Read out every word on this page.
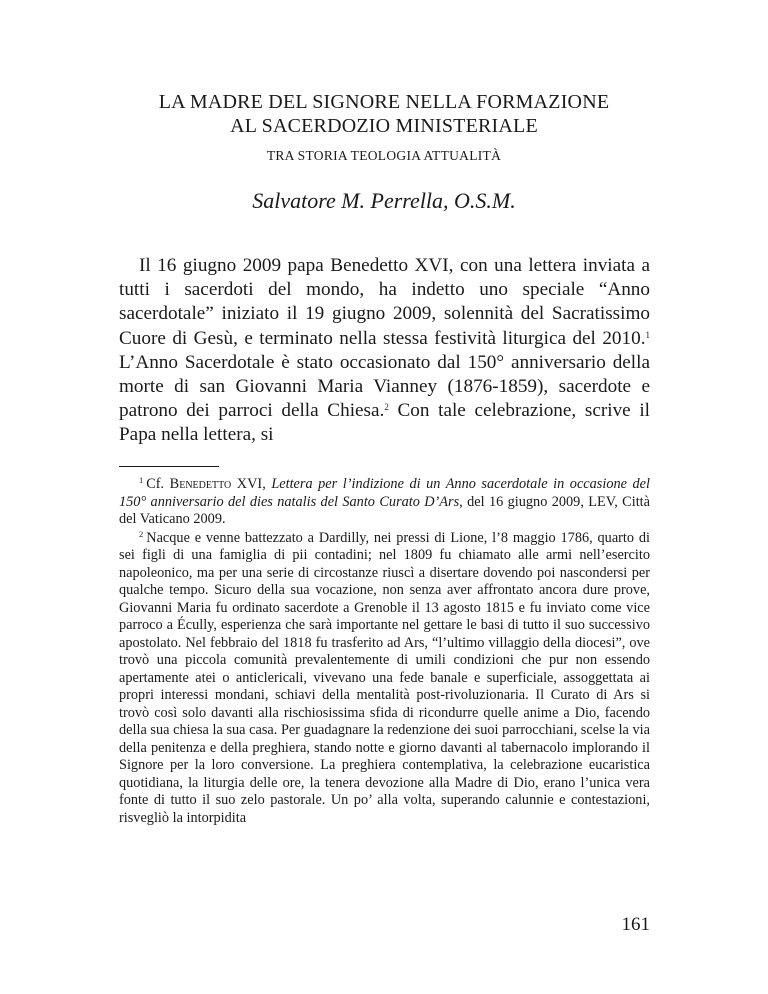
LA MADRE DEL SIGNORE NELLA FORMAZIONE
AL SACERDOZIO MINISTERIALE
TRA STORIA TEOLOGIA ATTUALITÀ
Salvatore M. Perrella, O.S.M.

Il 16 giugno 2009 papa Benedetto XVI, con una lettera inviata a tutti i sacerdoti del mondo, ha indetto uno speciale “Anno sacerdotale” iniziato il 19 giugno 2009, solennità del Sacratissimo Cuore di Gesù, e terminato nella stessa festività liturgica del 2010.$^1$ L’Anno Sacerdotale è stato occasionato dal 150° anniversario della morte di san Giovanni Maria Vianney (1876-1859), sacerdote e patrono dei parroci della Chiesa.$^2$ Con tale celebrazione, scrive il Papa nella lettera, si

$^1$ Cf. Benedetto XVI, Lettera per l’indizione di un Anno sacerdotale in occasione del 150° anniversario del dies natalis del Santo Curato D’Ars, del 16 giugno 2009, LEV, Città del Vaticano 2009.

$^2$ Nacque e venne battezzato a Dardilly, nei pressi di Lione, l’8 maggio 1786, quarto di sei figli di una famiglia di pii contadini; nel 1809 fu chiamato alle armi nell’esercito napoleonico, ma per una serie di circostanze riuscì a disertare dovendo poi nascondersi per qualche tempo. Sicuro della sua vocazione, non senza aver affrontato ancora dure prove, Giovanni Maria fu ordinato sacerdote a Grenoble il 13 agosto 1815 e fu inviato come vice parroco a Écully, esperienza che sarà importante nel gettare le basi di tutto il suo successivo apostolato. Nel febbraio del 1818 fu trasferito ad Ars, “l’ultimo villaggio della diocesi”, ove trovò una piccola comunità prevalentemente di umili condizioni che pur non essendo apertamente atei o anticlericali, vivevano una fede banale e superficiale, assoggettata ai propri interessi mondani, schiavi della mentalità post-rivoluzionaria. Il Curato di Ars si trovò così solo davanti alla rischiosissima sfida di ricondurre quelle anime a Dio, facendo della sua chiesa la sua casa. Per guadagnare la redenzione dei suoi parrocchiani, scelse la via della penitenza e della preghiera, stando notte e giorno davanti al tabernacolo implorando il Signore per la loro conversione. La preghiera contemplativa, la celebrazione eucaristica quotidiana, la liturgia delle ore, la tenera devozione alla Madre di Dio, erano l’unica vera fonte di tutto il suo zelo pastorale. Un po’ alla volta, superando calunnie e contestazioni, risvegliò la intorpidita

161
